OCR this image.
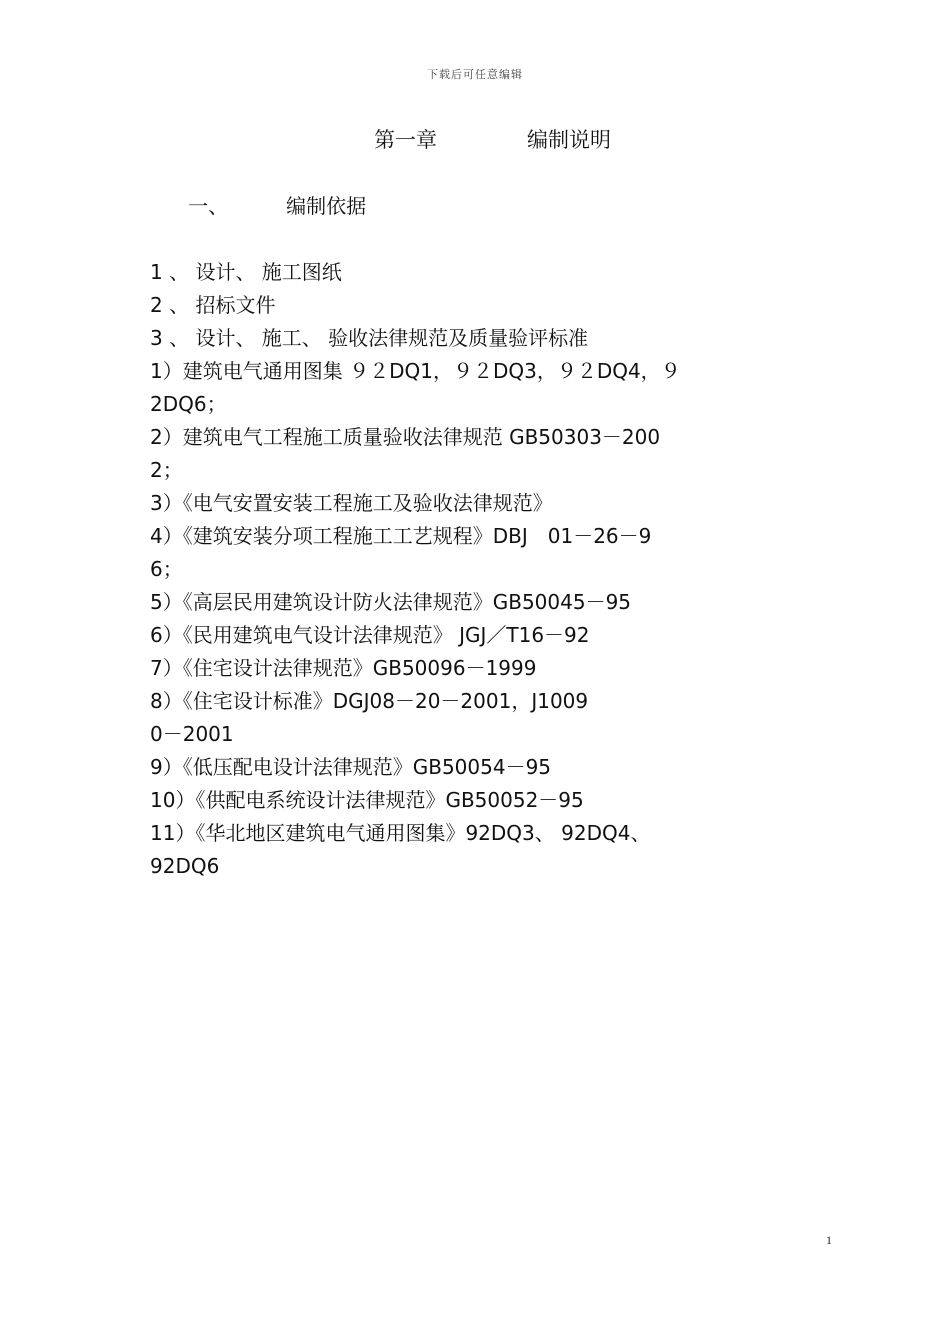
下载后可任意编辑
第一章	编制说明

一、	编制依据

1 、 设计、 施工图纸
2 、 招标文件
3 、 设计、 施工、 验收法律规范及质量验评标准
1）建筑电气通用图集 ９２DQ1，９２DQ3，９２DQ4，９
2DQ6；
2）建筑电气工程施工质量验收法律规范 GB50303－200
2；
3）《电气安置安装工程施工及验收法律规范》
4）《建筑安装分项工程施工工艺规程》DBJ　01－26－9
6；
5）《高层民用建筑设计防火法律规范》GB50045－95
6）《民用建筑电气设计法律规范》 JGJ／T16－92
7）《住宅设计法律规范》GB50096－1999
8）《住宅设计标准》DGJ08－20－2001，J1009
0－2001
9）《低压配电设计法律规范》GB50054－95
10）《供配电系统设计法律规范》GB50052－95
11）《华北地区建筑电气通用图集》92DQ3、 92DQ4、
92DQ6
1
